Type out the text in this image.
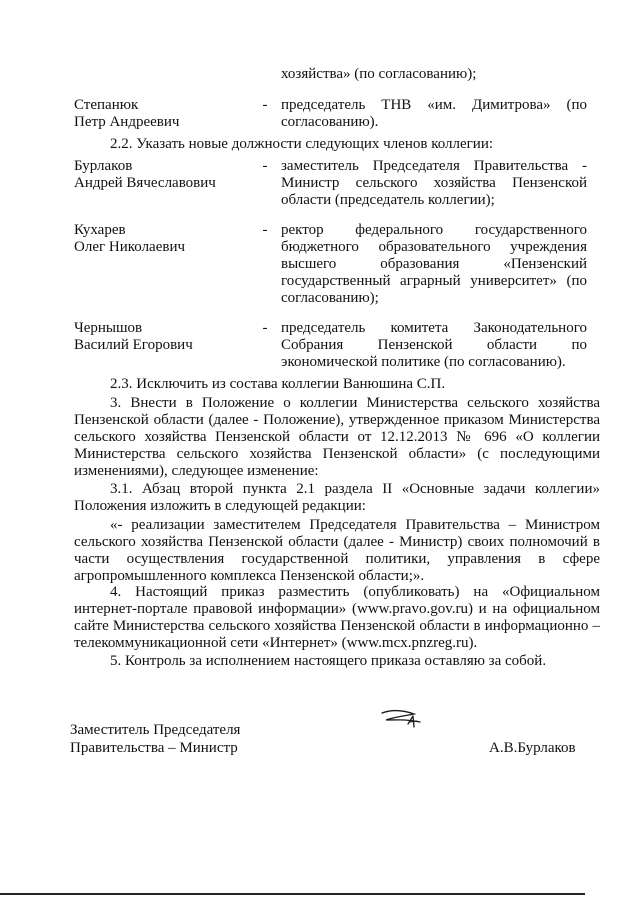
хозяйства» (по согласованию);
Степанюк
Петр Андреевич
- председатель ТНВ «им. Димитрова» (по
согласованию).
2.2. Указать новые должности следующих членов коллегии:
Бурлаков
Андрей Вячеславович
- заместитель Председателя Правительства -
Министр сельского хозяйства Пензенской
области (председатель коллегии);
Кухарев
Олег Николаевич
- ректор федерального государственного
бюджетного образовательного учреждения
высшего образования «Пензенский
государственный аграрный университет» (по
согласованию);
Чернышов
Василий Егорович
- председатель комитета Законодательного
Собрания Пензенской области по
экономической политике (по согласованию).
2.3. Исключить из состава коллегии Ванюшина С.П.
3. Внести в Положение о коллегии Министерства сельского хозяйства
Пензенской области (далее - Положение), утвержденное приказом Министерства
сельского хозяйства Пензенской области от 12.12.2013 № 696 «О коллегии
Министерства сельского хозяйства Пензенской области» (с последующими
изменениями), следующее изменение:
3.1. Абзац второй пункта 2.1 раздела II «Основные задачи коллегии»
Положения изложить в следующей редакции:
«- реализации заместителем Председателя Правительства – Министром
сельского хозяйства Пензенской области (далее - Министр) своих полномочий в
части осуществления государственной политики, управления в сфере
агропромышленного комплекса Пензенской области;».
4. Настоящий приказ разместить (опубликовать) на «Официальном
интернет-портале правовой информации» (www.pravo.gov.ru) и на официальном
сайте Министерства сельского хозяйства Пензенской области в информационно –
телекоммуникационной сети «Интернет» (www.mcx.pnzreg.ru).
5. Контроль за исполнением настоящего приказа оставляю за собой.
Заместитель Председателя
Правительства – Министр	А.В.Бурлаков
